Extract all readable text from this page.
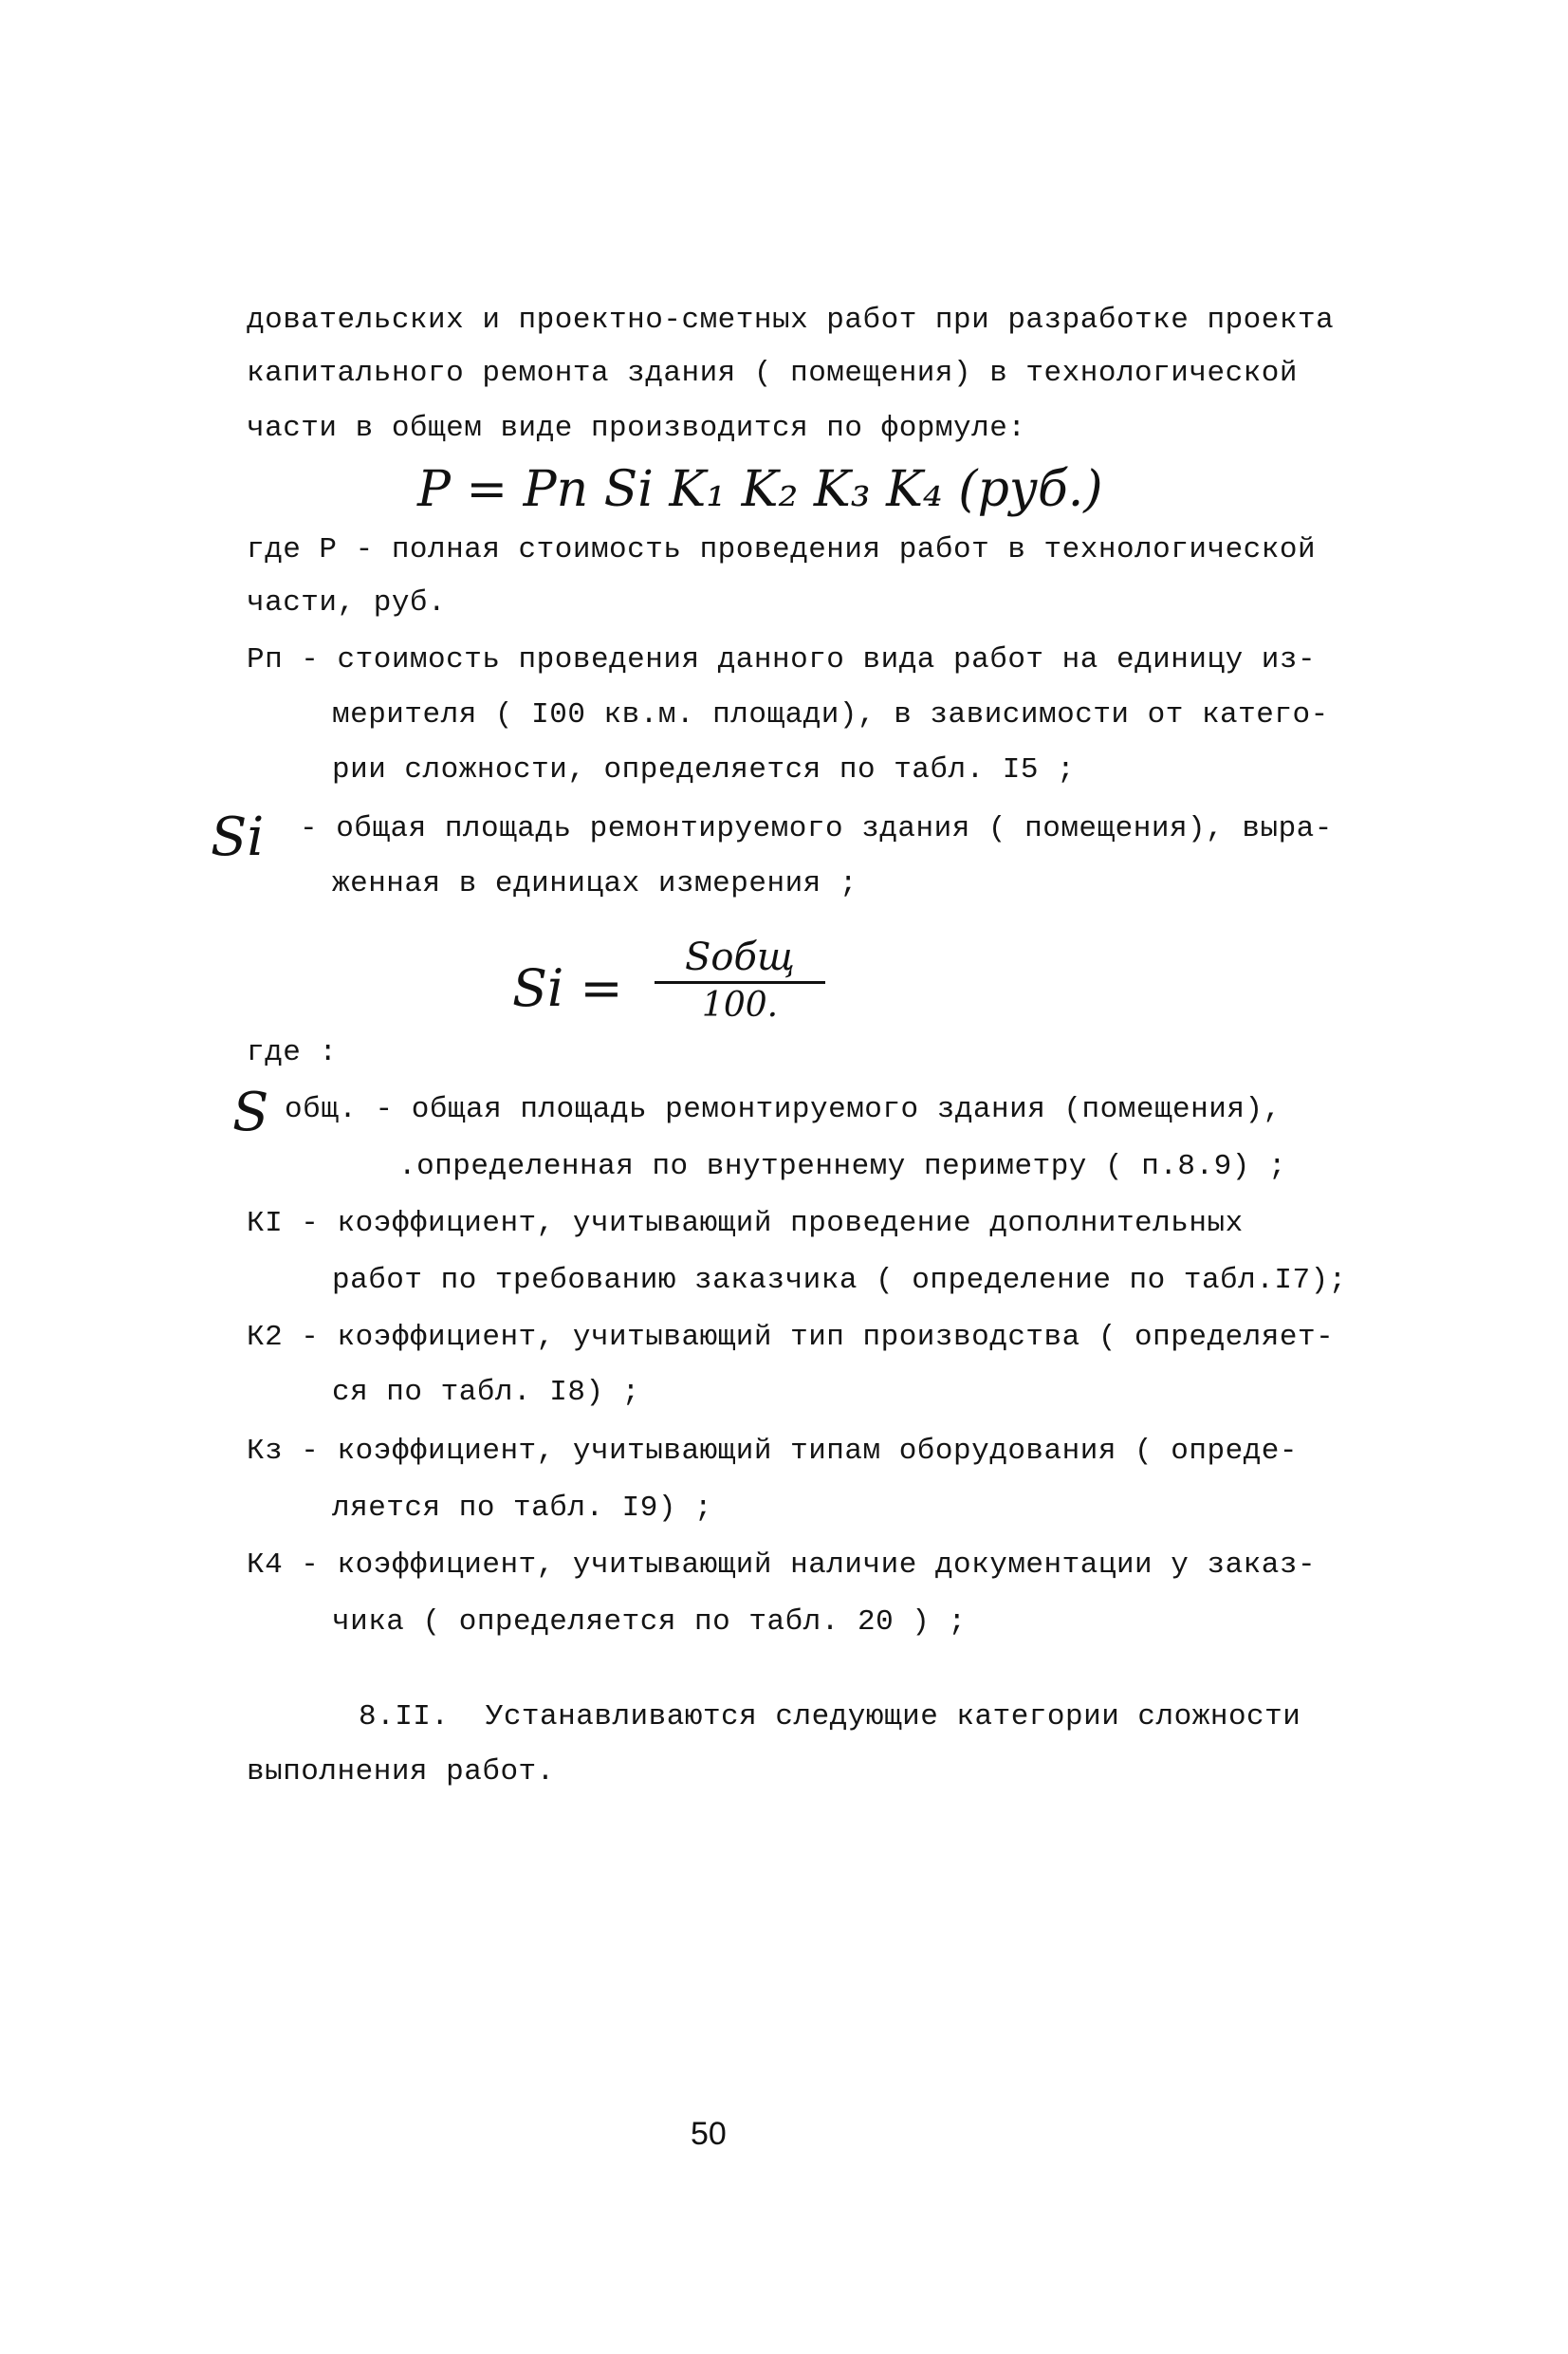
довательских и проектно-сметных работ при разработке проекта
капитального ремонта здания ( помещения) в технологической
части в общем виде производится по формуле:
P = Pп Si K₁ K₂ K₃ K₄ (руб.)
где P - полная стоимость проведения работ в технологической
части, руб.
Рп - стоимость проведения данного вида работ на единицу из-
мерителя ( I00 кв.м. площади), в зависимости от катего-
рии сложности, определяется по табл. I5 ;
Si - общая площадь ремонтируемого здания ( помещения), выра-
женная в единицах измерения ;
Si =
Sобщ
100.
где :
S общ. - общая площадь ремонтируемого здания (помещения),
.определенная по внутреннему периметру ( п.8.9) ;
КI - коэффициент, учитывающий проведение дополнительных
работ по требованию заказчика ( определение по табл.I7);
К2 - коэффициент, учитывающий тип производства ( определяет-
ся по табл. I8) ;
Кз - коэффициент, учитывающий типам оборудования ( опреде-
ляется по табл. I9) ;
К4 - коэффициент, учитывающий наличие документации у заказ-
чика ( определяется по табл. 20 ) ;
8.II.  Устанавливаются следующие категории сложности
выполнения работ.
50
